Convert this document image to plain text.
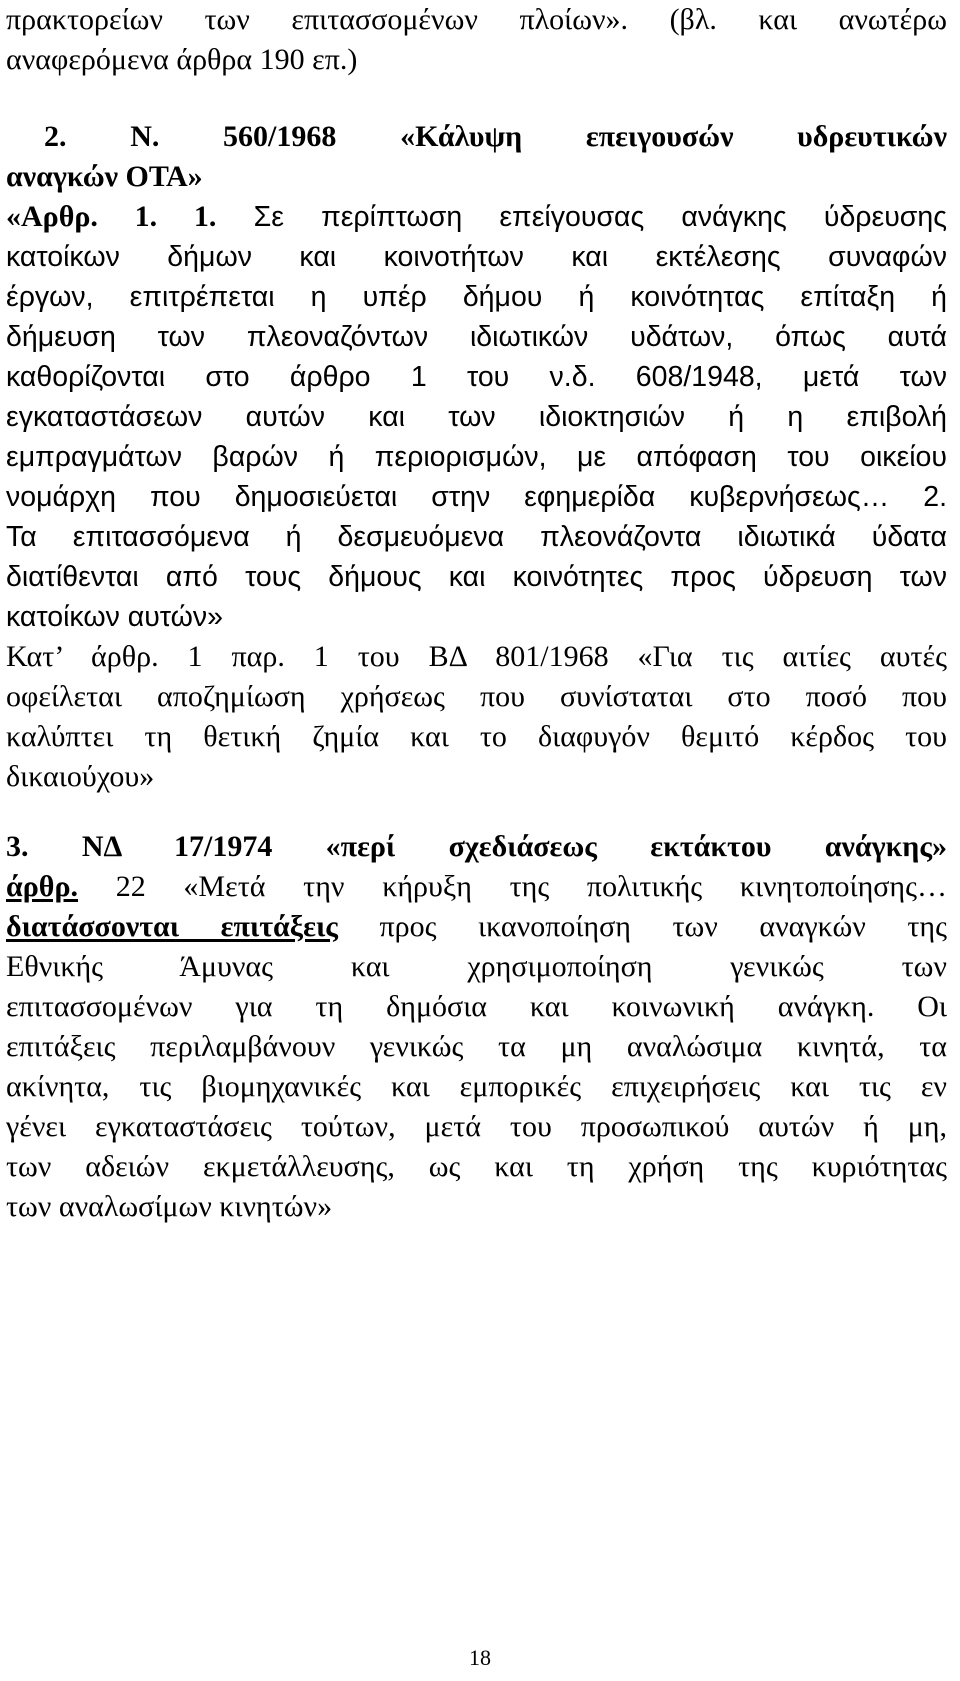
πρακτορείων των επιτασσομένων πλοίων». (βλ. και ανωτέρω
αναφερόμενα άρθρα 190 επ.)
2. Ν. 560/1968 «Κάλυψη επειγουσών υδρευτικών
αναγκών ΟΤΑ»
«Αρθρ. 1. 1. Σε περίπτωση επείγουσας ανάγκης ύδρευσης
κατοίκων δήμων και κοινοτήτων και εκτέλεσης συναφών
έργων, επιτρέπεται η υπέρ δήμου ή κοινότητας επίταξη ή
δήμευση των πλεοναζόντων ιδιωτικών υδάτων, όπως αυτά
καθορίζονται στο άρθρο 1 του ν.δ. 608/1948, μετά των
εγκαταστάσεων αυτών και των ιδιοκτησιών ή η επιβολή
εμπραγμάτων βαρών ή περιορισμών, με απόφαση του οικείου
νομάρχη που δημοσιεύεται στην εφημερίδα κυβερνήσεως… 2.
Τα επιτασσόμενα ή δεσμευόμενα πλεονάζοντα ιδιωτικά ύδατα
διατίθενται από τους δήμους και κοινότητες προς ύδρευση των
κατοίκων αυτών»
Κατ’ άρθρ. 1 παρ. 1 του ΒΔ 801/1968 «Για τις αιτίες αυτές
οφείλεται αποζημίωση χρήσεως που συνίσταται στο ποσό που
καλύπτει τη θετική ζημία και το διαφυγόν θεμιτό κέρδος του
δικαιούχου»
3. ΝΔ 17/1974 «περί σχεδιάσεως εκτάκτου ανάγκης»
άρθρ. 22 «Μετά την κήρυξη της πολιτικής κινητοποίησης…
διατάσσονται επιτάξεις προς ικανοποίηση των αναγκών της
Εθνικής Άμυνας και χρησιμοποίηση γενικώς των
επιτασσομένων για τη δημόσια και κοινωνική ανάγκη. Οι
επιτάξεις περιλαμβάνουν γενικώς τα μη αναλώσιμα κινητά, τα
ακίνητα, τις βιομηχανικές και εμπορικές επιχειρήσεις και τις εν
γένει εγκαταστάσεις τούτων, μετά του προσωπικού αυτών ή μη,
των αδειών εκμετάλλευσης, ως και τη χρήση της κυριότητας
των αναλωσίμων κινητών»
18
